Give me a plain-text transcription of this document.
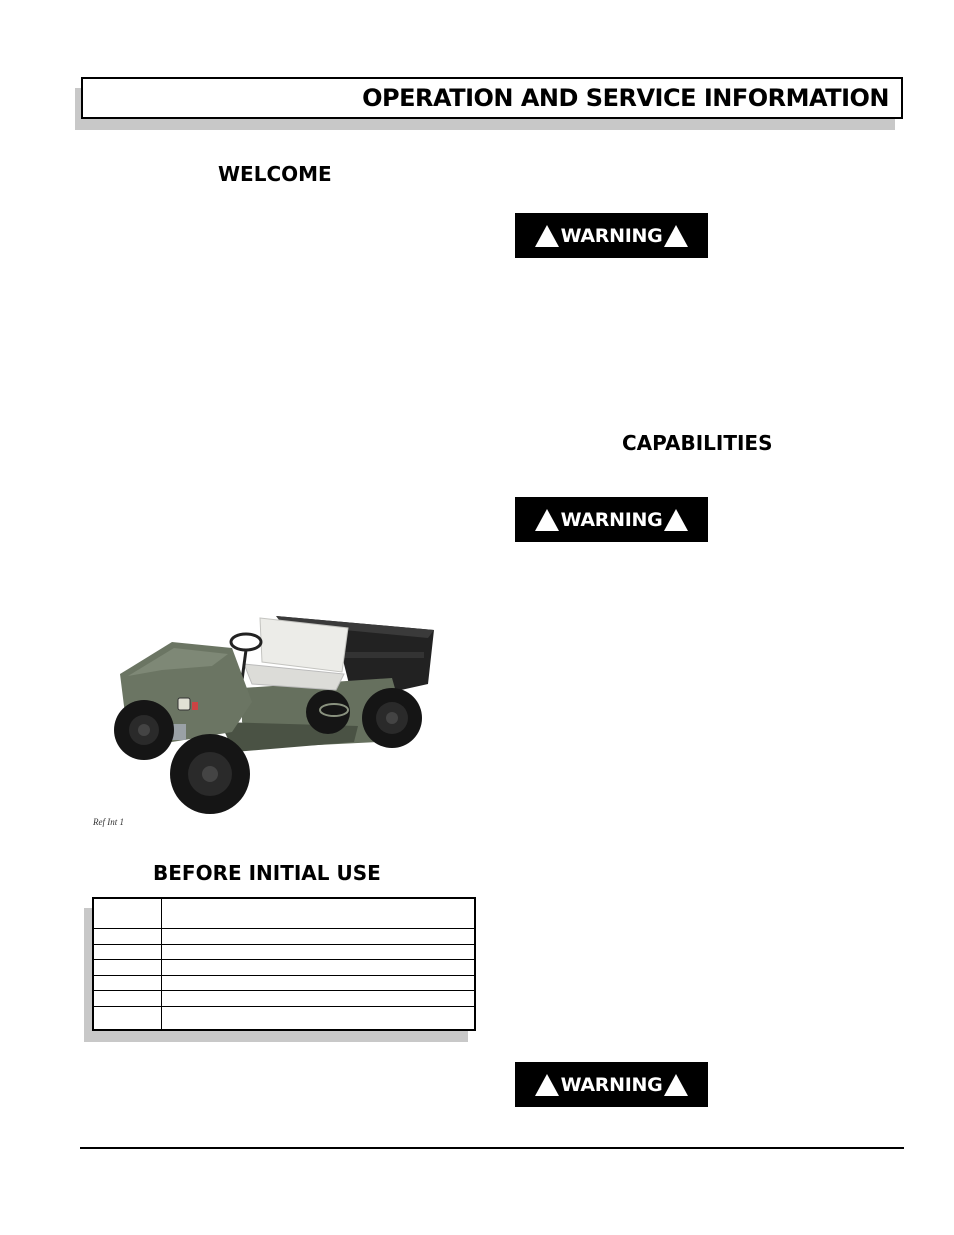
OPERATION AND SERVICE INFORMATION
WELCOME
CAPABILITIES
BEFORE INITIAL USE
WARNING
WARNING
WARNING
Ref Int 1
